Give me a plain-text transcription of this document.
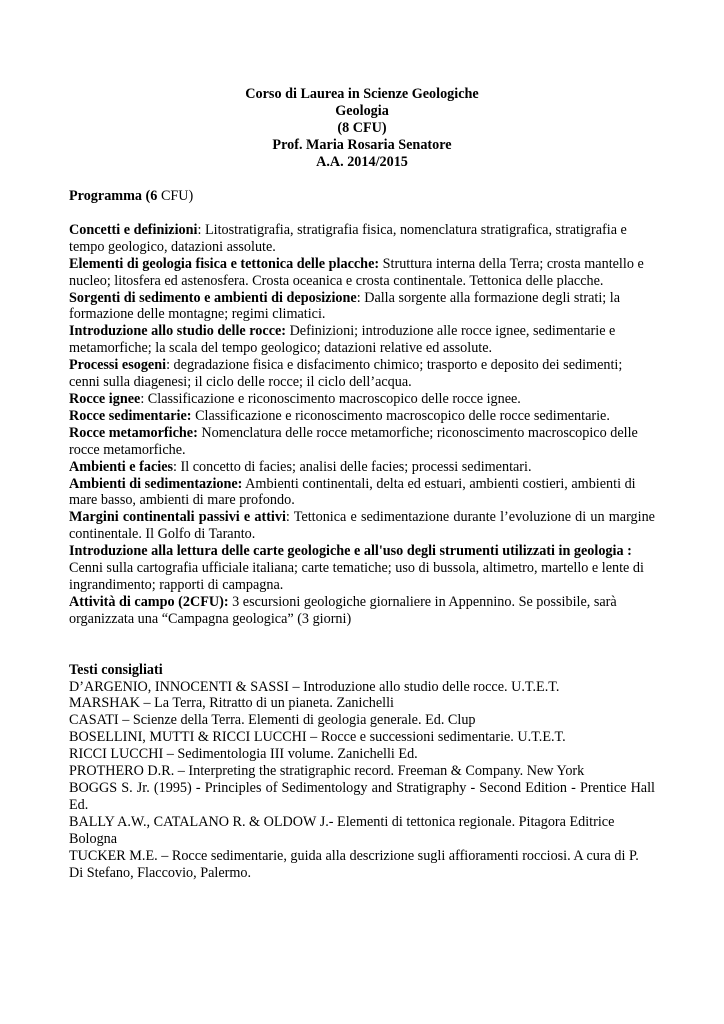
Corso di Laurea in Scienze Geologiche
Geologia
(8 CFU)
Prof. Maria Rosaria Senatore
A.A. 2014/2015
Programma (6 CFU)
Concetti e definizioni: Litostratigrafia, stratigrafia fisica, nomenclatura stratigrafica, stratigrafia e tempo geologico, datazioni assolute.
Elementi di geologia fisica e tettonica delle placche: Struttura interna della Terra; crosta mantello e nucleo; litosfera ed astenosfera. Crosta oceanica e crosta continentale. Tettonica delle placche.
Sorgenti di sedimento e ambienti di deposizione: Dalla sorgente alla formazione degli strati; la formazione delle montagne; regimi climatici.
Introduzione allo studio delle rocce: Definizioni; introduzione alle rocce ignee, sedimentarie e metamorfiche; la scala del tempo geologico; datazioni relative ed assolute.
Processi esogeni: degradazione fisica e disfacimento chimico; trasporto e deposito dei sedimenti; cenni sulla diagenesi; il ciclo delle rocce; il ciclo dell’acqua.
Rocce ignee: Classificazione e riconoscimento macroscopico delle rocce ignee.
Rocce sedimentarie: Classificazione e riconoscimento macroscopico delle rocce sedimentarie.
Rocce metamorfiche: Nomenclatura delle rocce metamorfiche; riconoscimento macroscopico delle rocce metamorfiche.
Ambienti e facies: Il concetto di facies; analisi delle facies; processi sedimentari.
Ambienti di sedimentazione: Ambienti continentali, delta ed estuari, ambienti costieri, ambienti di mare basso, ambienti di mare profondo.
Margini continentali passivi e attivi: Tettonica e sedimentazione durante l’evoluzione di un margine continentale. Il Golfo di Taranto.
Introduzione alla lettura delle carte geologiche e all'uso degli strumenti utilizzati in geologia : Cenni sulla cartografia ufficiale italiana; carte tematiche; uso di bussola, altimetro, martello e lente di ingrandimento; rapporti di campagna.
Attività di campo (2CFU): 3 escursioni geologiche giornaliere in Appennino. Se possibile, sarà organizzata una “Campagna geologica” (3 giorni)
Testi consigliati
D’ARGENIO, INNOCENTI & SASSI – Introduzione allo studio delle rocce. U.T.E.T.
MARSHAK – La Terra, Ritratto di un pianeta. Zanichelli
CASATI – Scienze della Terra. Elementi di geologia generale. Ed. Clup
BOSELLINI, MUTTI & RICCI LUCCHI – Rocce e successioni sedimentarie. U.T.E.T.
RICCI LUCCHI – Sedimentologia III volume. Zanichelli Ed.
PROTHERO D.R. – Interpreting the stratigraphic record. Freeman & Company. New York
BOGGS S. Jr. (1995) - Principles of Sedimentology and Stratigraphy - Second Edition - Prentice Hall Ed.
BALLY A.W., CATALANO R. & OLDOW J.- Elementi di tettonica regionale. Pitagora Editrice Bologna
TUCKER M.E. – Rocce sedimentarie, guida alla descrizione sugli affioramenti rocciosi. A cura di P. Di Stefano, Flaccovio, Palermo.
